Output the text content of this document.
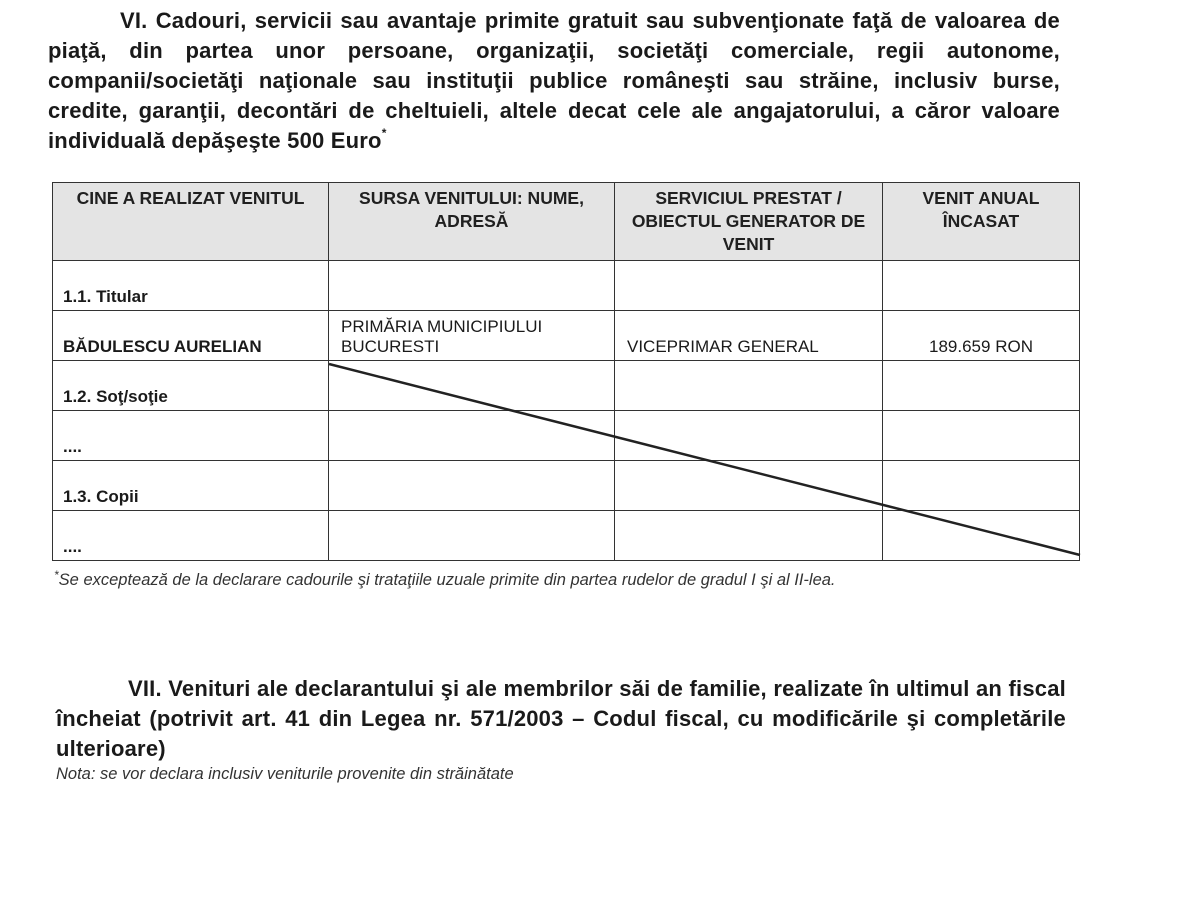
VI. Cadouri, servicii sau avantaje primite gratuit sau subvenţionate faţă de valoarea de piaţă, din partea unor persoane, organizaţii, societăţi comerciale, regii autonome, companii/societăţi naţionale sau instituţii publice româneşti sau străine, inclusiv burse, credite, garanţii, decontări de cheltuieli, altele decat cele ale angajatorului, a căror valoare individuală depăşeşte 500 Euro*
CINE A REALIZAT VENITUL	SURSA VENITULUI: NUME, ADRESĂ	SERVICIUL PRESTAT / OBIECTUL GENERATOR DE VENIT	VENIT ANUAL ÎNCASAT
1.1. Titular			
BĂDULESCU AURELIAN	PRIMĂRIA MUNICIPIULUI BUCURESTI	VICEPRIMAR GENERAL	189.659 RON
1.2. Soţ/soţie			
....			
1.3. Copii			
....			
*Se exceptează de la declarare cadourile şi trataţiile uzuale primite din partea rudelor de gradul I şi al II-lea.
VII. Venituri ale declarantului şi ale membrilor săi de familie, realizate în ultimul an fiscal încheiat (potrivit art. 41 din Legea nr. 571/2003 – Codul fiscal, cu modificările şi completările ulterioare)
Nota: se vor declara inclusiv veniturile provenite din străinătate
